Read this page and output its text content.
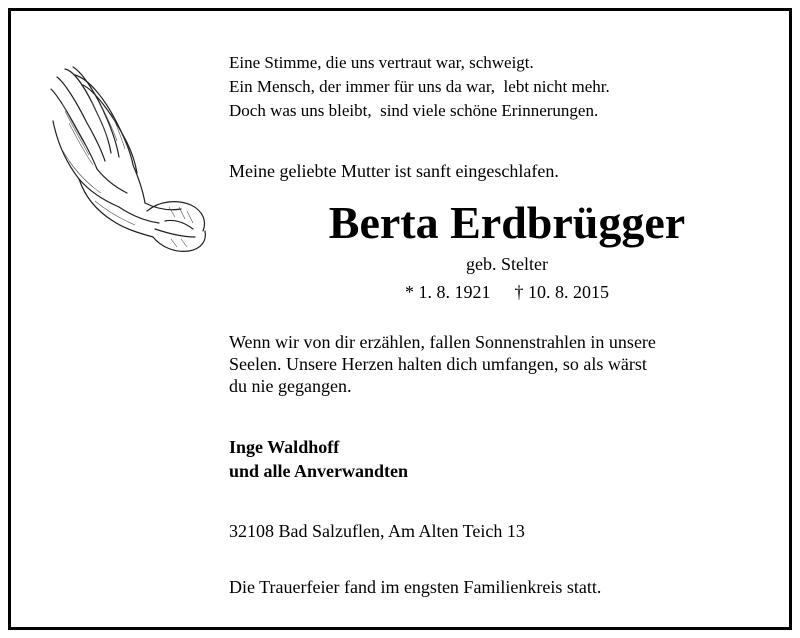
Eine Stimme, die uns vertraut war, schweigt.
Ein Mensch, der immer für uns da war,  lebt nicht mehr.
Doch was uns bleibt,  sind viele schöne Erinnerungen.
Meine geliebte Mutter ist sanft eingeschlafen.
Berta Erdbrügger
geb. Stelter
* 1. 8. 1921 † 10. 8. 2015
Wenn wir von dir erzählen, fallen Sonnenstrahlen in unsere
Seelen. Unsere Herzen halten dich umfangen, so als wärst
du nie gegangen.
Inge Waldhoff
und alle Anverwandten
32108 Bad Salzuflen, Am Alten Teich 13
Die Trauerfeier fand im engsten Familienkreis statt.
